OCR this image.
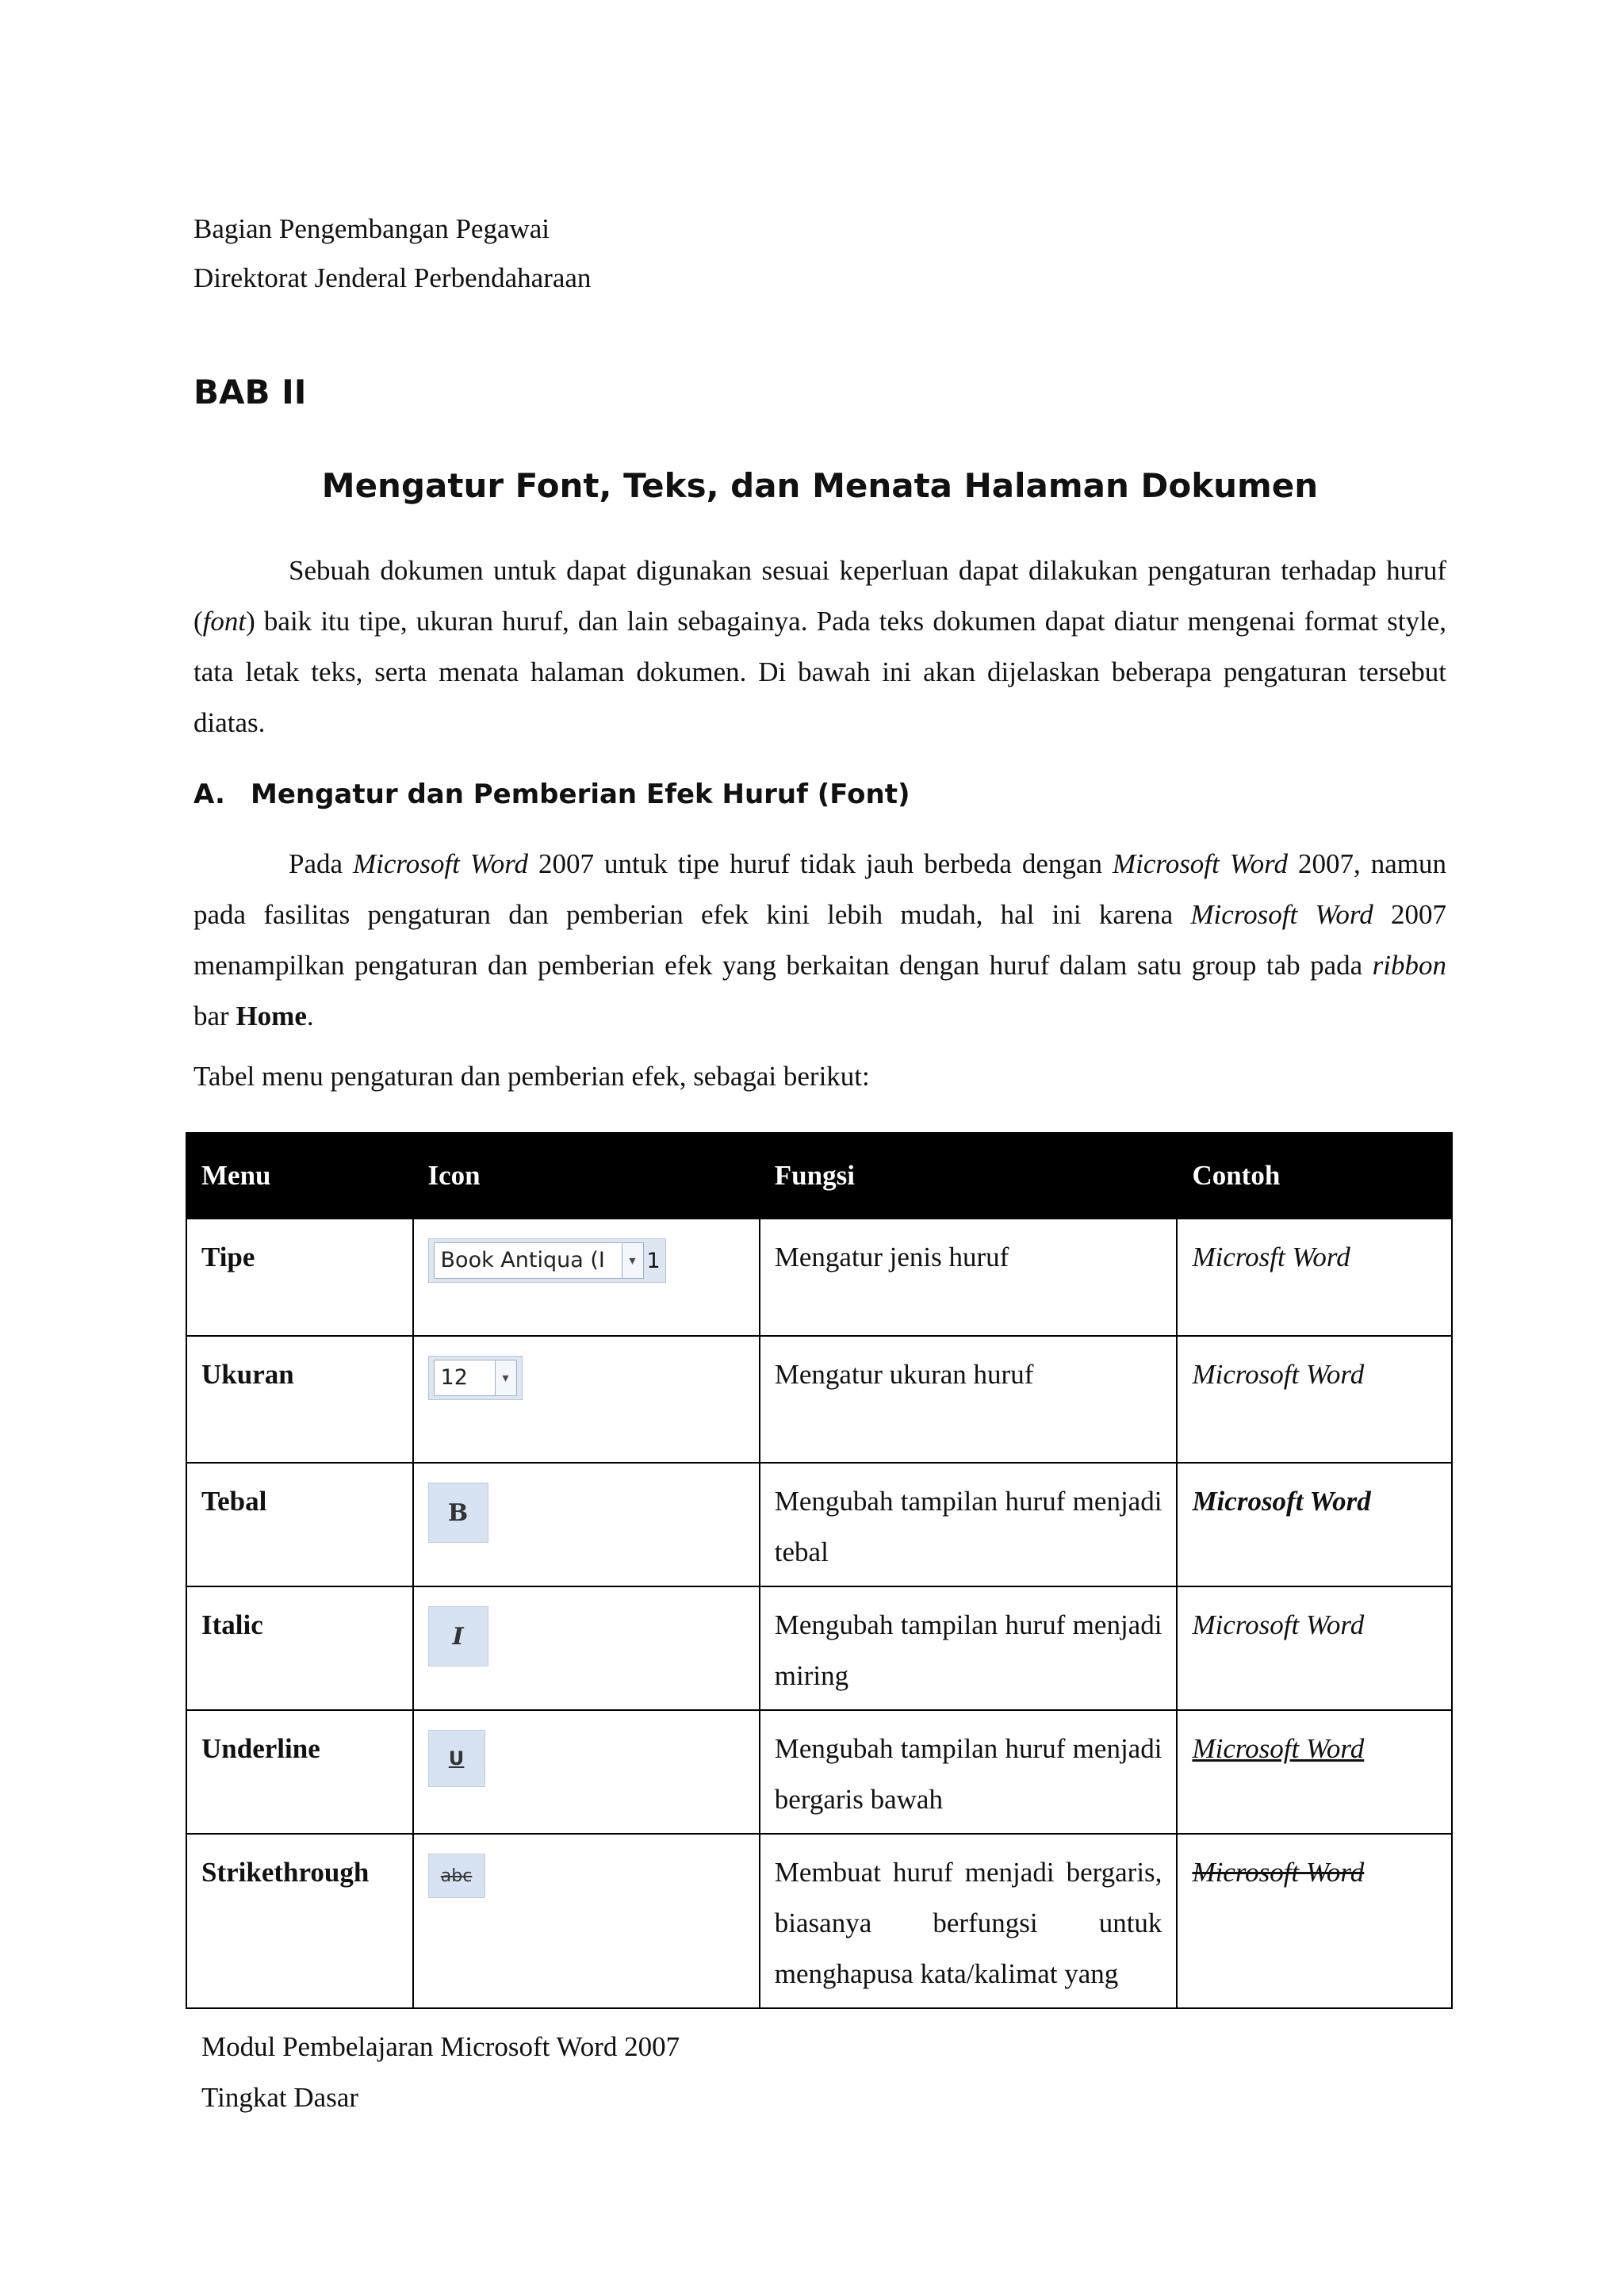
Bagian Pengembangan Pegawai
Direktorat Jenderal Perbendaharaan
BAB II
Mengatur Font, Teks, dan Menata Halaman Dokumen

Sebuah dokumen untuk dapat digunakan sesuai keperluan dapat dilakukan pengaturan terhadap huruf (font) baik itu tipe, ukuran huruf, dan lain sebagainya. Pada teks dokumen dapat diatur mengenai format style, tata letak teks, serta menata halaman dokumen. Di bawah ini akan dijelaskan beberapa pengaturan tersebut diatas.

A. Mengatur dan Pemberian Efek Huruf (Font)

Pada Microsoft Word 2007 untuk tipe huruf tidak jauh berbeda dengan Microsoft Word 2007, namun pada fasilitas pengaturan dan pemberian efek kini lebih mudah, hal ini karena Microsoft Word 2007 menampilkan pengaturan dan pemberian efek yang berkaitan dengan huruf dalam satu group tab pada ribbon bar Home.

Tabel menu pengaturan dan pemberian efek, sebagai berikut:
Menu	Icon	Fungsi	Contoh
Tipe	Book Antiqua (I ▾ 1	Mengatur jenis huruf	Microsft Word
Ukuran	12 ▾	Mengatur ukuran huruf	Microsoft Word
Tebal	B	Mengubah tampilan huruf menjadi tebal	Microsoft Word
Italic	I	Mengubah tampilan huruf menjadi miring	Microsoft Word
Underline	U	Mengubah tampilan huruf menjadi bergaris bawah	Microsoft Word
Strikethrough	abc	Membuat huruf menjadi bergaris, biasanya berfungsi untuk menghapusa kata/kalimat yang	Microsoft Word
Modul Pembelajaran Microsoft Word 2007
Tingkat Dasar
